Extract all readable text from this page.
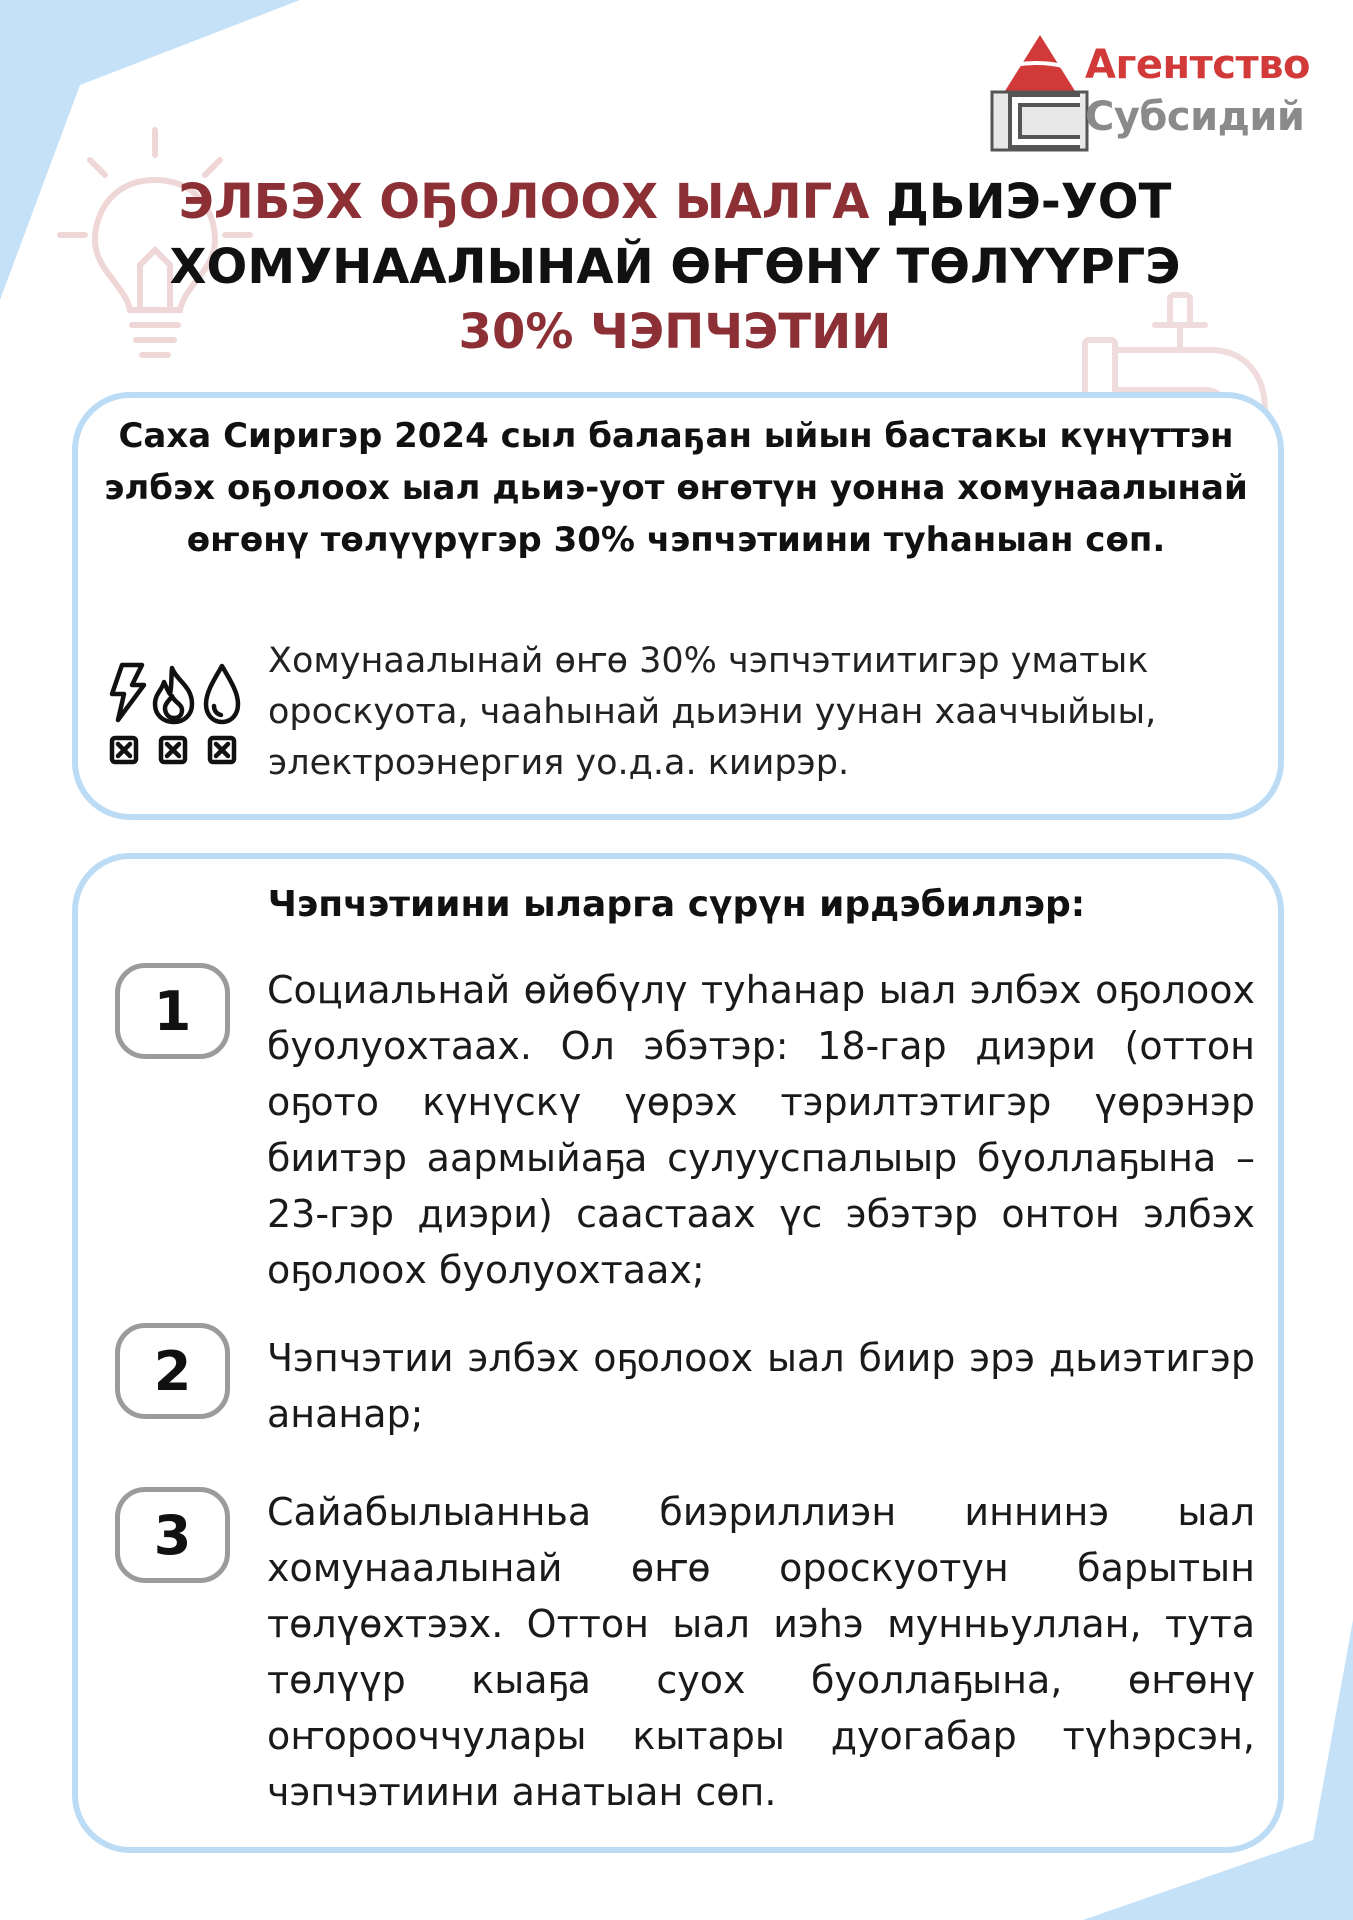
Агентство
Субсидий
ЭЛБЭХ ОҔОЛООХ ЫАЛГА ДЬИЭ-УОТ
ХОМУНААЛЫНАЙ ӨҤӨНҮ ТӨЛҮҮРГЭ
30% ЧЭПЧЭТИИ
Саха Сиригэр 2024 сыл балаҕан ыйын бастакы күнүттэн элбэх оҕолоох ыал дьиэ-уот өҥөтүн уонна хомунаалынай өҥөнү төлүүрүгэр 30% чэпчэтиини туһаныан сөп.
Хомунаалынай өҥө 30% чэпчэтиитигэр уматык ороскуота, чааһынай дьиэни уунан хааччыйыы, электроэнергия уо.д.а. киирэр.
Чэпчэтиини ыларга сүрүн ирдэбиллэр:
1	Социальнай өйөбүлү туһанар ыал элбэх оҕолоох буолуохтаах. Ол эбэтэр: 18-гар диэри (оттон оҕото күнүскү үөрэх тэрилтэтигэр үөрэнэр биитэр аармыйаҕа сулууспалыыр буоллаҕына – 23-гэр диэри) саастаах үс эбэтэр онтон элбэх оҕолоох буолуохтаах;
2	Чэпчэтии элбэх оҕолоох ыал биир эрэ дьиэтигэр ананар;
3	Сайабылыанньа биэриллиэн иннинэ ыал хомунаалынай өҥө ороскуотун барытын төлүөхтээх. Оттон ыал иэһэ мунньуллан, тута төлүүр кыаҕа суох буоллаҕына, өҥөнү оҥорооччулары кытары дуогабар түһэрсэн, чэпчэтиини анатыан сөп.
